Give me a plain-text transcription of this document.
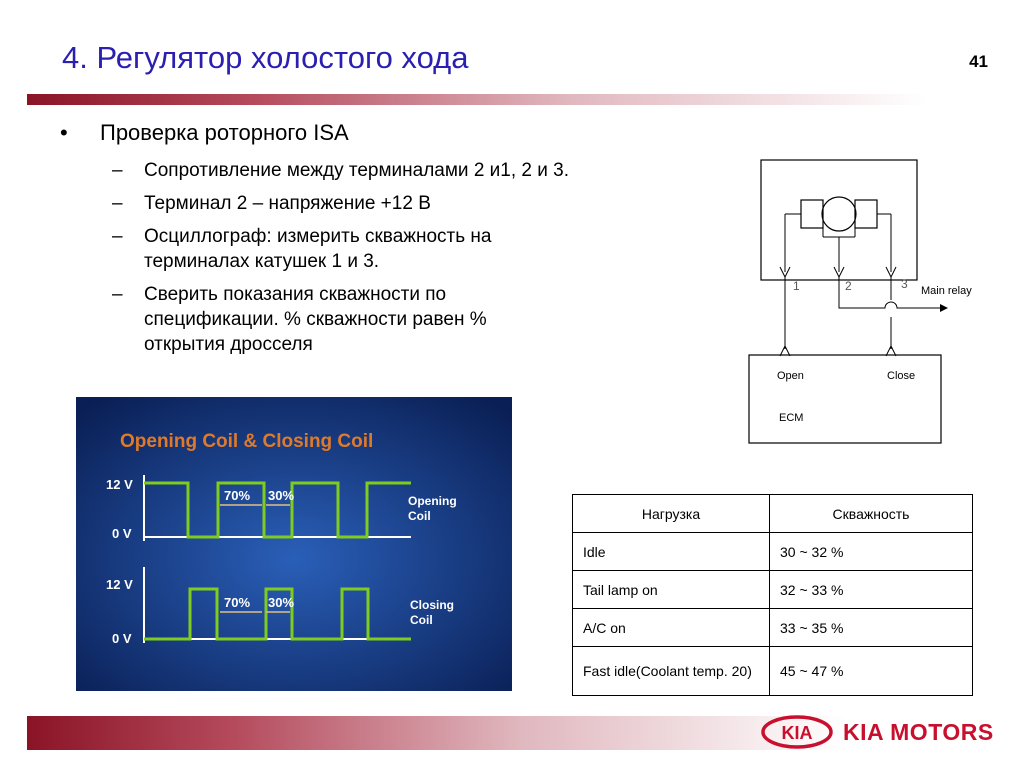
4. Регулятор холостого хода	41
•	Проверка роторного ISA
–	Сопротивление между терминалами 2 и1, 2 и 3.
–	Терминал 2 – напряжение +12 В
–	Осциллограф: измерить скважность на терминалах катушек 1 и 3.
–	Сверить показания скважности по спецификации. % скважности равен % открытия дросселя
Opening Coil & Closing Coil
12 V
0 V
70% 30%	Opening
Coil
12 V
0 V
70% 30%	Closing
Coil
1	2	3 Main relay
Open	Close
ECM
Нагрузка	Скважность
Idle	30 ~ 32 %
Tail lamp on	32 ~ 33 %
A/C on	33 ~ 35 %
Fast idle(Coolant temp. 20)	45 ~ 47 %
KIA KIA MOTORS
